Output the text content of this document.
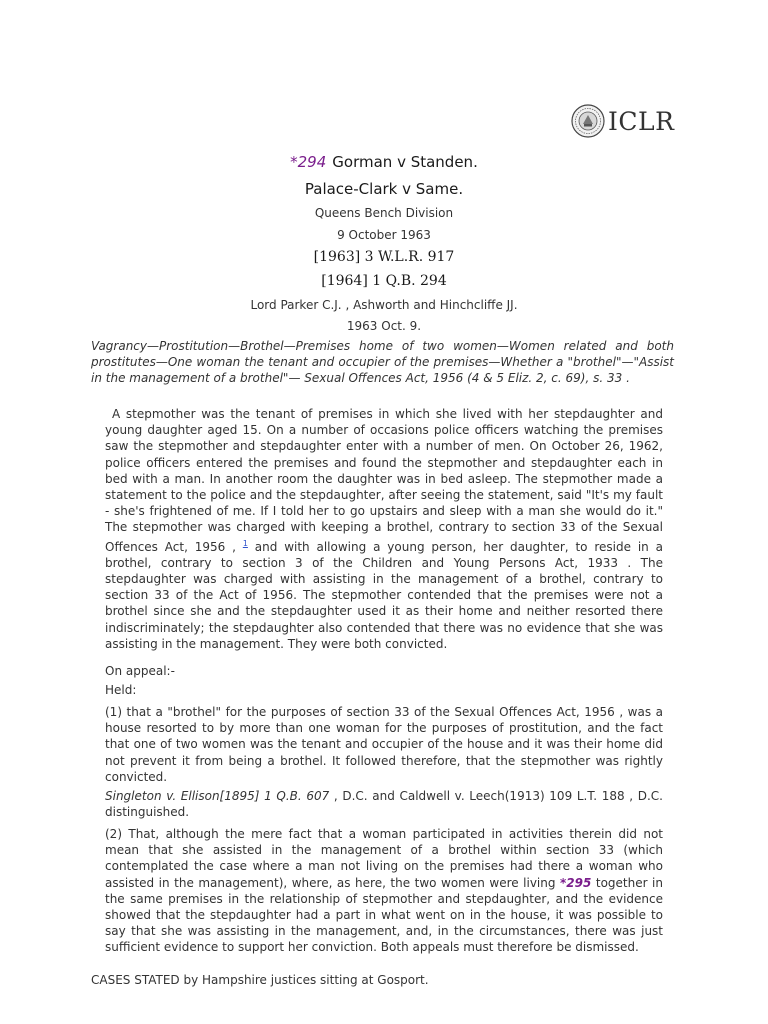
ICLR
*294 Gorman v Standen.
Palace-Clark v Same.
Queens Bench Division
9 October 1963
[1963] 3 W.L.R. 917
[1964] 1 Q.B. 294
Lord Parker C.J. , Ashworth and Hinchcliffe JJ.
1963 Oct. 9.
Vagrancy—Prostitution—Brothel—Premises home of two women—Women related and both prostitutes—One woman the tenant and occupier of the premises—Whether a "brothel"—"Assist in the management of a brothel"— Sexual Offences Act, 1956 (4 & 5 Eliz. 2, c. 69), s. 33 .
A stepmother was the tenant of premises in which she lived with her stepdaughter and young daughter aged 15. On a number of occasions police officers watching the premises saw the stepmother and stepdaughter enter with a number of men. On October 26, 1962, police officers entered the premises and found the stepmother and stepdaughter each in bed with a man. In another room the daughter was in bed asleep. The stepmother made a statement to the police and the stepdaughter, after seeing the statement, said "It's my fault - she's frightened of me. If I told her to go upstairs and sleep with a man she would do it." The stepmother was charged with keeping a brothel, contrary to section 33 of the Sexual Offences Act, 1956 , $^1$ and with allowing a young person, her daughter, to reside in a brothel, contrary to section 3 of the Children and Young Persons Act, 1933 . The stepdaughter was charged with assisting in the management of a brothel, contrary to section 33 of the Act of 1956. The stepmother contended that the premises were not a brothel since she and the stepdaughter used it as their home and neither resorted there indiscriminately; the stepdaughter also contended that there was no evidence that she was assisting in the management. They were both convicted.
On appeal:-
Held:
(1) that a "brothel" for the purposes of section 33 of the Sexual Offences Act, 1956 , was a house resorted to by more than one woman for the purposes of prostitution, and the fact that one of two women was the tenant and occupier of the house and it was their home did not prevent it from being a brothel. It followed therefore, that the stepmother was rightly convicted.
Singleton v. Ellison[1895] 1 Q.B. 607 , D.C. and Caldwell v. Leech(1913) 109 L.T. 188 , D.C. distinguished.
(2) That, although the mere fact that a woman participated in activities therein did not mean that she assisted in the management of a brothel within section 33 (which contemplated the case where a man not living on the premises had there a woman who assisted in the management), where, as here, the two women were living *295 together in the same premises in the relationship of stepmother and stepdaughter, and the evidence showed that the stepdaughter had a part in what went on in the house, it was possible to say that she was assisting in the management, and, in the circumstances, there was just sufficient evidence to support her conviction. Both appeals must therefore be dismissed.
CASES STATED by Hampshire justices sitting at Gosport.
